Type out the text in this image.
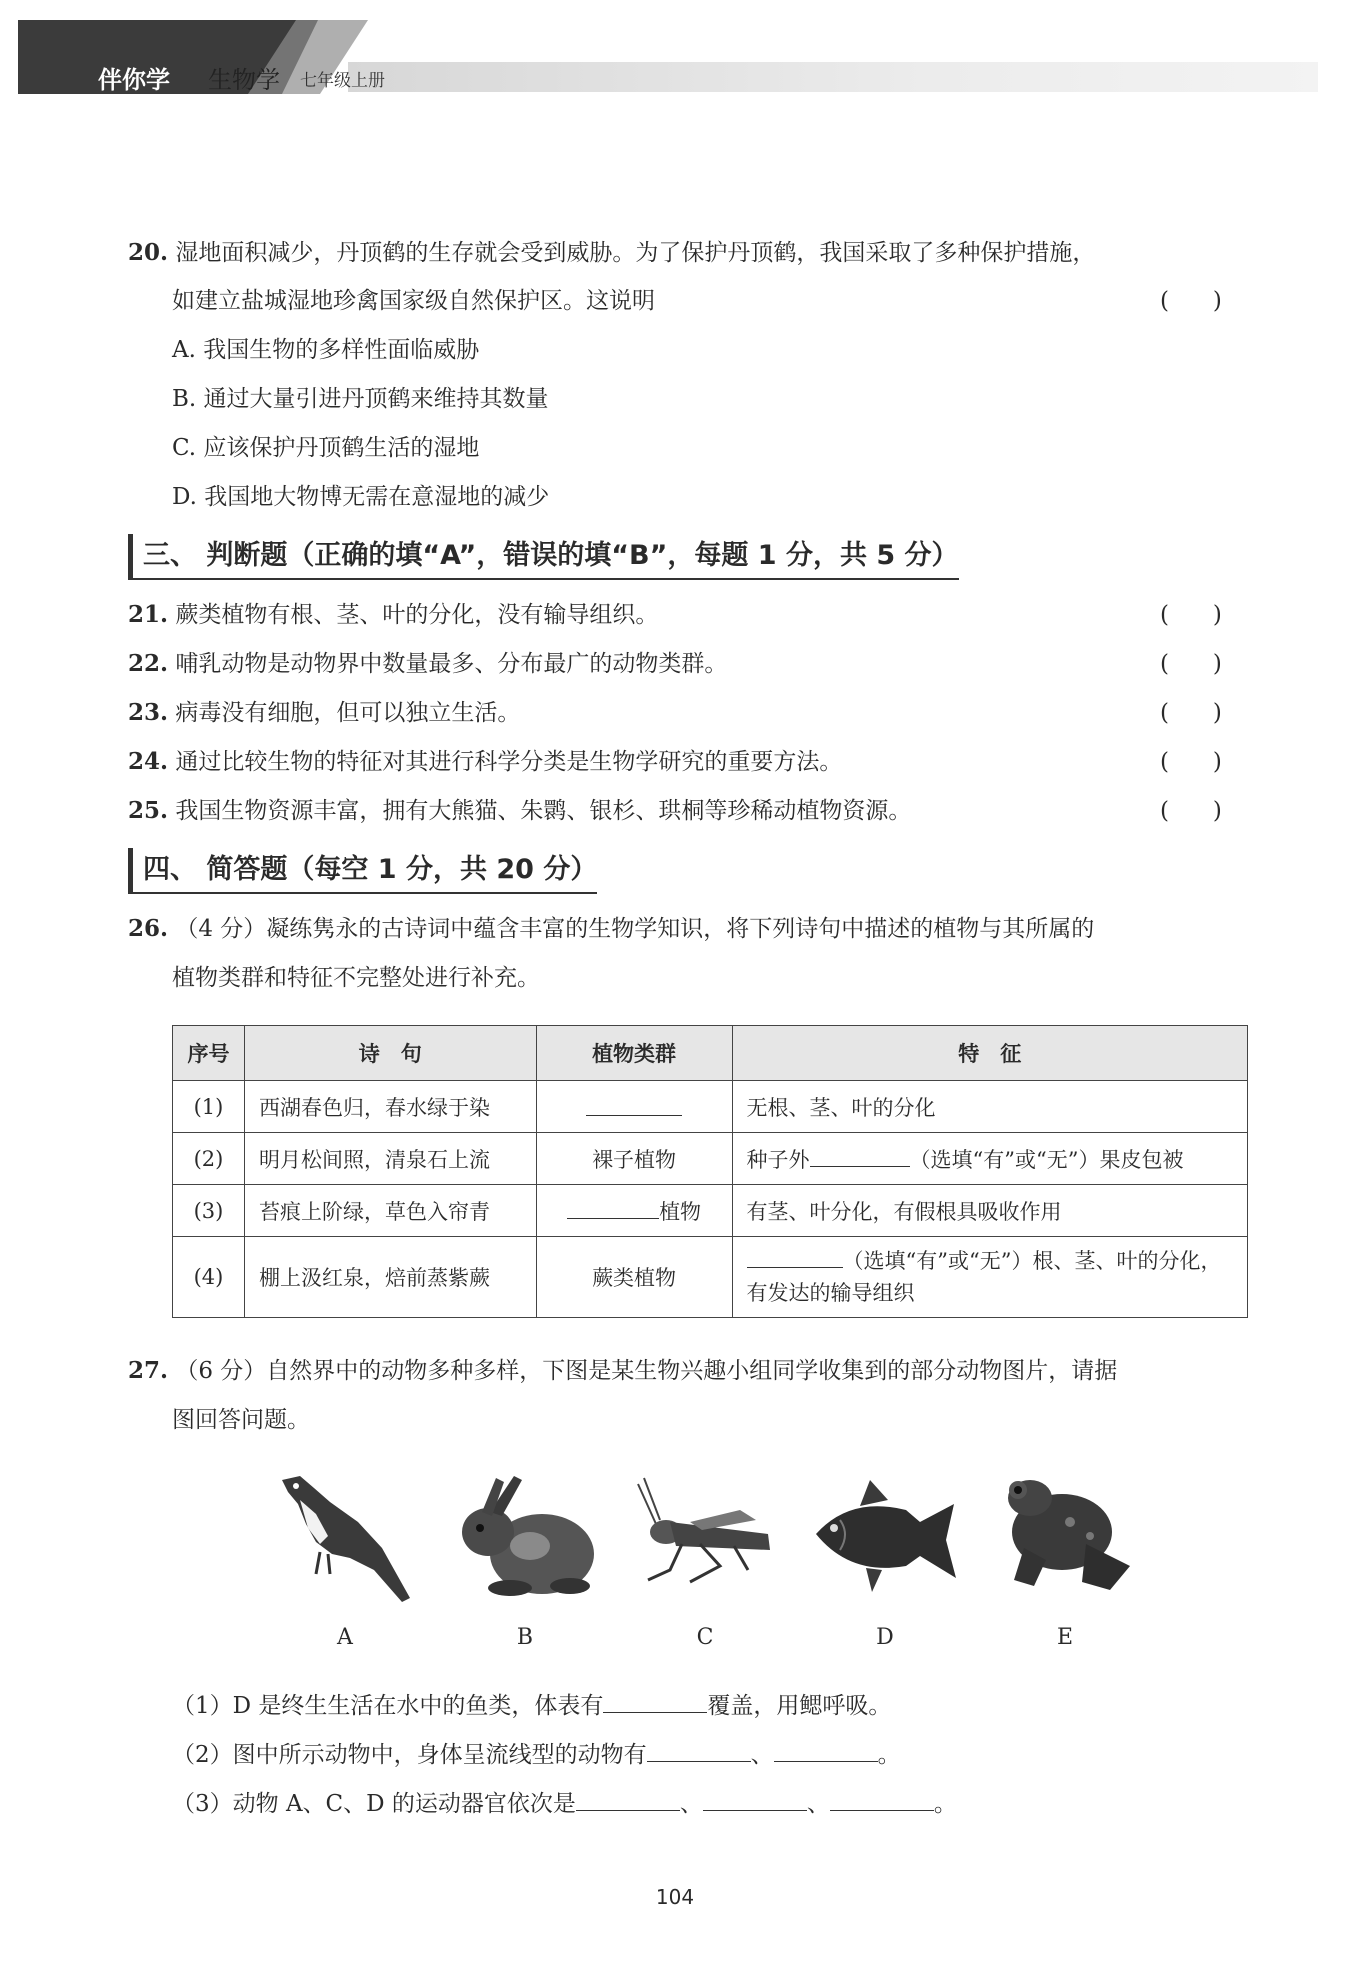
伴你学 生物学 七年级上册
20. 湿地面积减少，丹顶鹤的生存就会受到威胁。为了保护丹顶鹤，我国采取了多种保护措施，
如建立盐城湿地珍禽国家级自然保护区。这说明	(      )
A. 我国生物的多样性面临威胁
B. 通过大量引进丹顶鹤来维持其数量
C. 应该保护丹顶鹤生活的湿地
D. 我国地大物博无需在意湿地的减少
三、 判断题（正确的填“A”，错误的填“B”，每题 1 分，共 5 分）
21. 蕨类植物有根、茎、叶的分化，没有输导组织。	(      )
22. 哺乳动物是动物界中数量最多、分布最广的动物类群。	(      )
23. 病毒没有细胞，但可以独立生活。	(      )
24. 通过比较生物的特征对其进行科学分类是生物学研究的重要方法。	(      )
25. 我国生物资源丰富，拥有大熊猫、朱鹮、银杉、珙桐等珍稀动植物资源。	(      )
四、 简答题（每空 1 分，共 20 分）
26. （4 分）凝练隽永的古诗词中蕴含丰富的生物学知识，将下列诗句中描述的植物与其所属的
植物类群和特征不完整处进行补充。
序号	诗　句	植物类群	特　征
(1)	西湖春色归，春水绿于染		无根、茎、叶的分化
(2)	明月松间照，清泉石上流	裸子植物	种子外 （选填“有”或“无”）果皮包被
(3)	苔痕上阶绿，草色入帘青	植物	有茎、叶分化，有假根具吸收作用
(4)	棚上汲红泉，焙前蒸紫蕨	蕨类植物	（选填“有”或“无”）根、茎、叶的分化，
有发达的输导组织
27. （6 分）自然界中的动物多种多样，下图是某生物兴趣小组同学收集到的部分动物图片，请据
图回答问题。
A	B	C	D	E
（1）D 是终生生活在水中的鱼类，体表有	覆盖，用鳃呼吸。
（2）图中所示动物中，身体呈流线型的动物有	、	。
（3）动物 A、C、D 的运动器官依次是	、	、	。
104
